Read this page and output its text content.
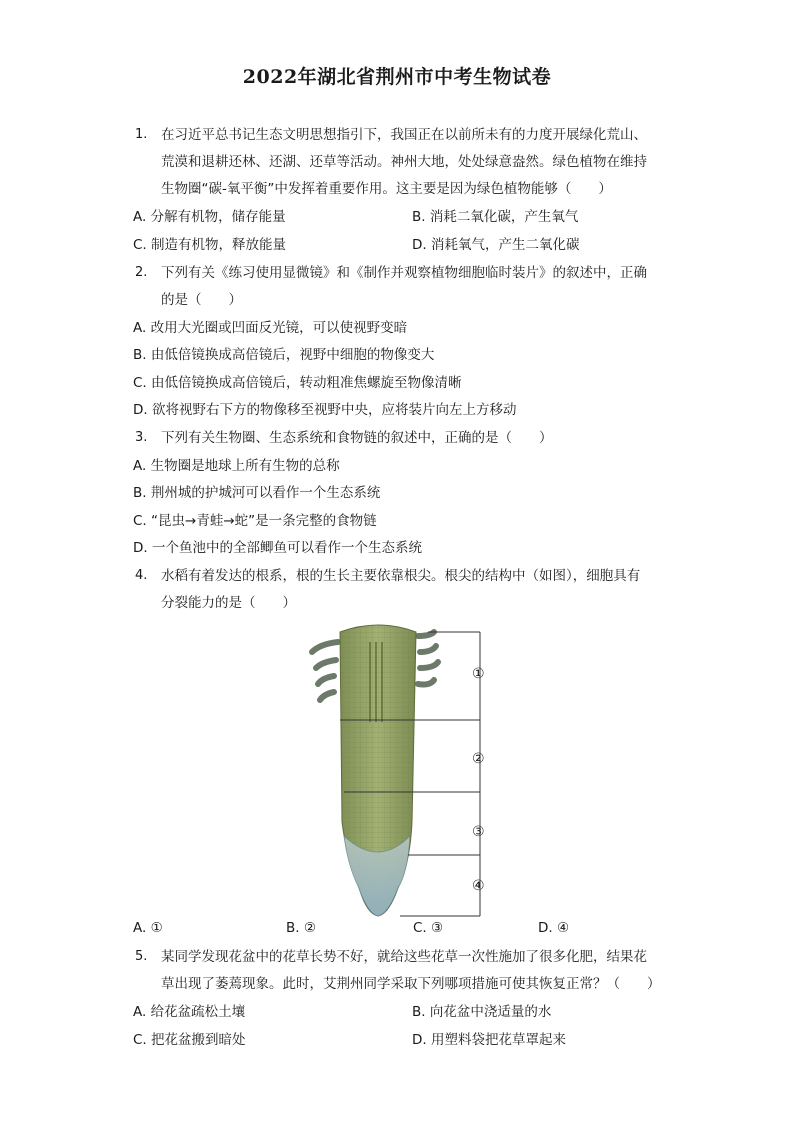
2022年湖北省荆州市中考生物试卷
1. 在习近平总书记生态文明思想指引下，我国正在以前所未有的力度开展绿化荒山、
荒漠和退耕还林、还湖、还草等活动。神州大地，处处绿意盎然。绿色植物在维持
生物圈“碳-氧平衡”中发挥着重要作用。这主要是因为绿色植物能够（　　）
A. 分解有机物，储存能量	B. 消耗二氧化碳，产生氧气
C. 制造有机物，释放能量	D. 消耗氧气，产生二氧化碳
2. 下列有关《练习使用显微镜》和《制作并观察植物细胞临时装片》的叙述中，正确
的是（　　）
A. 改用大光圈或凹面反光镜，可以使视野变暗
B. 由低倍镜换成高倍镜后，视野中细胞的物像变大
C. 由低倍镜换成高倍镜后，转动粗准焦螺旋至物像清晰
D. 欲将视野右下方的物像移至视野中央，应将装片向左上方移动
3. 下列有关生物圈、生态系统和食物链的叙述中，正确的是（　　）
A. 生物圈是地球上所有生物的总称
B. 荆州城的护城河可以看作一个生态系统
C. “昆虫→青蛙→蛇”是一条完整的食物链
D. 一个鱼池中的全部鲫鱼可以看作一个生态系统
4. 水稻有着发达的根系，根的生长主要依靠根尖。根尖的结构中（如图），细胞具有
分裂能力的是（　　）
①
②
③
④
A. ①	B. ②	C. ③	D. ④
5. 某同学发现花盆中的花草长势不好，就给这些花草一次性施加了很多化肥，结果花
草出现了萎蔫现象。此时，艾荆州同学采取下列哪项措施可使其恢复正常？（　　）
A. 给花盆疏松土壤	B. 向花盆中浇适量的水
C. 把花盆搬到暗处	D. 用塑料袋把花草罩起来
